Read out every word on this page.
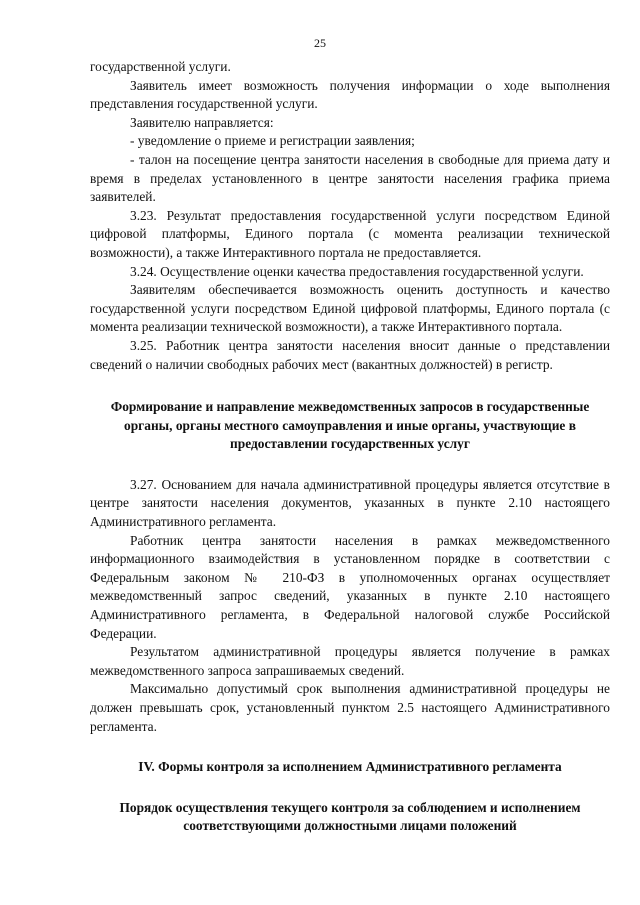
25

государственной услуги.

Заявитель имеет возможность получения информации о ходе выполнения представления государственной услуги.

Заявителю направляется:

- уведомление о приеме и регистрации заявления;

- талон на посещение центра занятости населения в свободные для приема дату и время в пределах установленного в центре занятости населения графика приема заявителей.

3.23. Результат предоставления государственной услуги посредством Единой цифровой платформы, Единого портала (с момента реализации технической возможности), а также Интерактивного портала не предоставляется.

3.24. Осуществление оценки качества предоставления государственной услуги.

Заявителям обеспечивается возможность оценить доступность и качество государственной услуги посредством Единой цифровой платформы, Единого портала (с момента реализации технической возможности), а также Интерактивного портала.

3.25. Работник центра занятости населения вносит данные о представлении сведений о наличии свободных рабочих мест (вакантных должностей) в регистр.

Формирование и направление межведомственных запросов в государственные органы, органы местного самоуправления и иные органы, участвующие в предоставлении государственных услуг

3.27. Основанием для начала административной процедуры является отсутствие в центре занятости населения документов, указанных в пункте 2.10 настоящего Административного регламента.

Работник центра занятости населения в рамках межведомственного информационного взаимодействия в установленном порядке в соответствии с Федеральным законом № 210-ФЗ в уполномоченных органах осуществляет межведомственный запрос сведений, указанных в пункте 2.10 настоящего Административного регламента, в Федеральной налоговой службе Российской Федерации.

Результатом административной процедуры является получение в рамках межведомственного запроса запрашиваемых сведений.

Максимально допустимый срок выполнения административной процедуры не должен превышать срок, установленный пунктом 2.5 настоящего Административного регламента.

IV. Формы контроля за исполнением Административного регламента

Порядок осуществления текущего контроля за соблюдением и исполнением соответствующими должностными лицами положений
